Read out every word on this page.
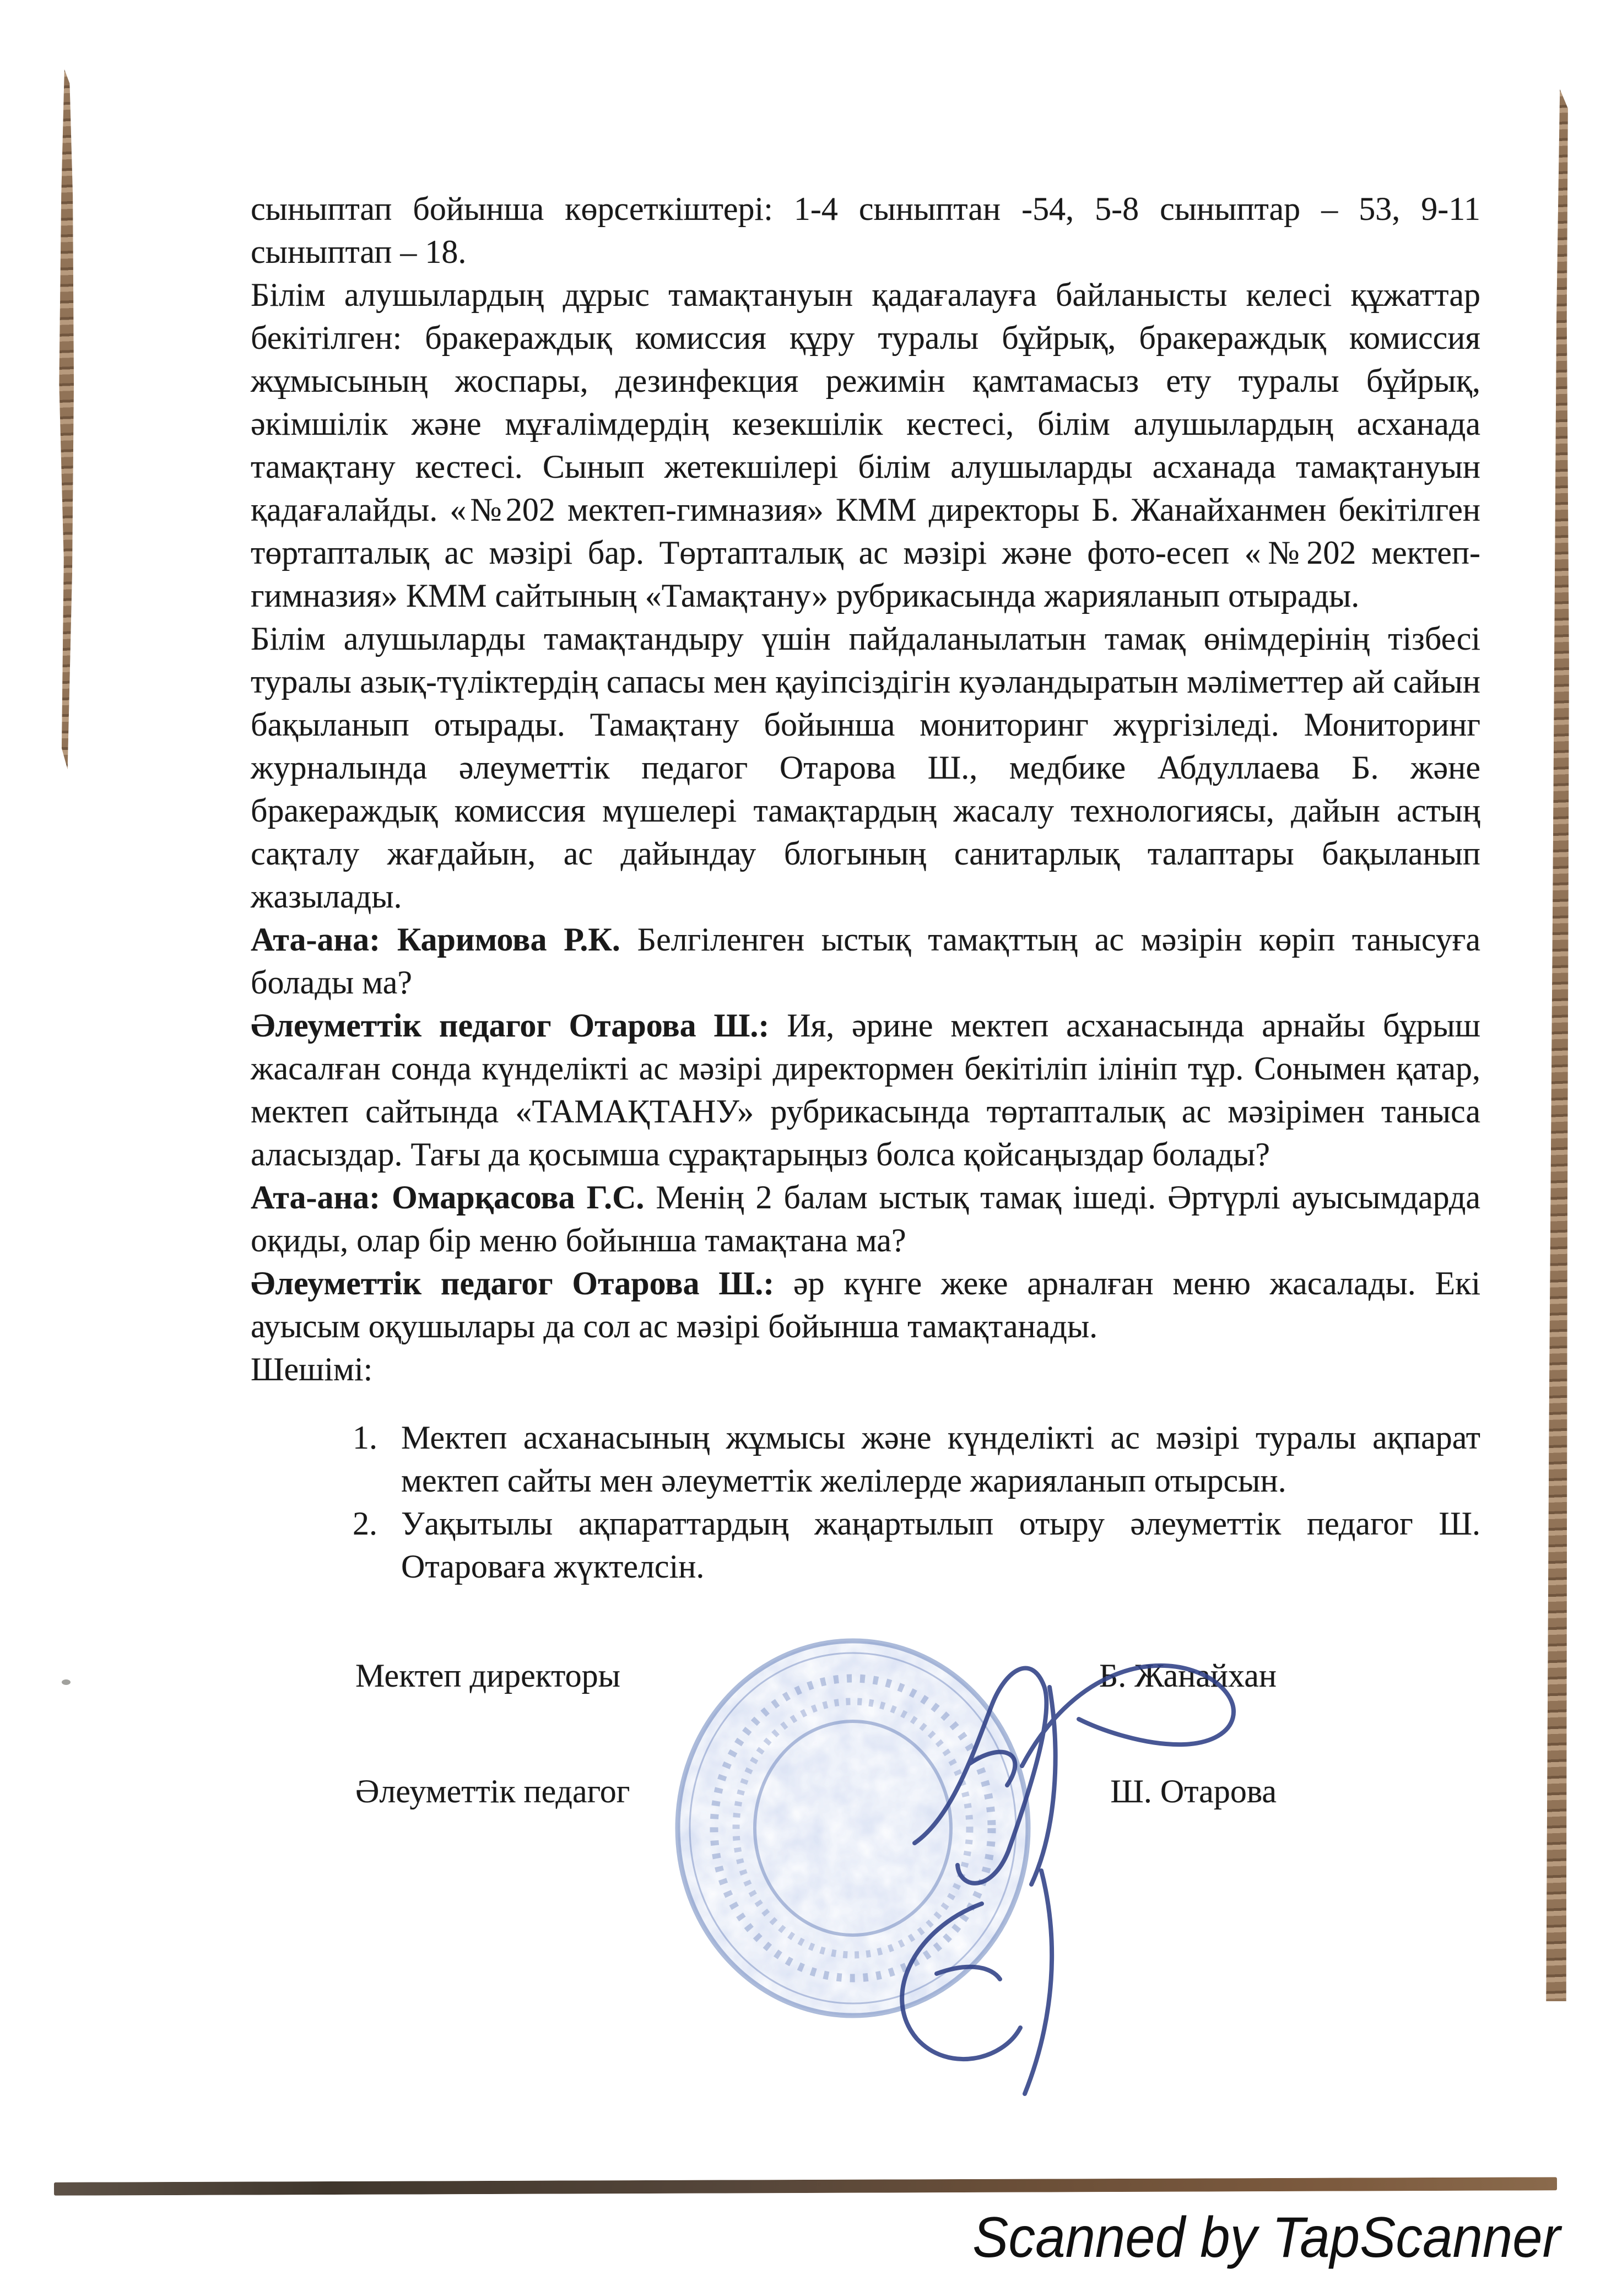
сыныптап бойынша көрсеткіштері: 1-4 сыныптан -54, 5-8 сыныптар – 53, 9-11 сыныптап – 18.

Білім алушылардың дұрыс тамақтануын қадағалауға байланысты келесі құжаттар бекітілген: бракераждық комиссия құру туралы бұйрық, бракераждық комиссия жұмысының жоспары, дезинфекция режимін қамтамасыз ету туралы бұйрық, әкімшілік және мұғалімдердің кезекшілік кестесі, білім алушылардың асханада тамақтану кестесі. Сынып жетекшілері білім алушыларды асханада тамақтануын қадағалайды. «№202 мектеп-гимназия» КММ директоры Б. Жанайханмен бекітілген төртапталық ас мәзірі бар. Төртапталық ас мәзірі және фото-есеп «№202 мектеп-гимназия» КММ сайтының «Тамақтану» рубрикасында жарияланып отырады.

Білім алушыларды тамақтандыру үшін пайдаланылатын тамақ өнімдерінің тізбесі туралы азық-түліктердің сапасы мен қауіпсіздігін куәландыратын мәліметтер ай сайын бақыланып отырады. Тамақтану бойынша мониторинг жүргізіледі. Мониторинг журналында әлеуметтік педагог Отарова Ш., медбике Абдуллаева Б. және бракераждық комиссия мүшелері тамақтардың жасалу технологиясы, дайын астың сақталу жағдайын, ас дайындау блогының санитарлық талаптары бақыланып жазылады.

Ата-ана: Каримова Р.К. Белгіленген ыстық тамақттың ас мәзірін көріп танысуға болады ма?

Әлеуметтік педагог Отарова Ш.: Ия, әрине мектеп асханасында арнайы бұрыш жасалған сонда күнделікті ас мәзірі директормен бекітіліп ілініп тұр. Сонымен қатар, мектеп сайтында «ТАМАҚТАНУ» рубрикасында төртапталық ас мәзірімен таныса аласыздар. Тағы да қосымша сұрақтарыңыз болса қойсаңыздар болады?

Ата-ана: Омарқасова Г.С. Менің 2 балам ыстық тамақ ішеді. Әртүрлі ауысымдарда оқиды, олар бір меню бойынша тамақтана ма?

Әлеуметтік педагог Отарова Ш.: әр күнге жеке арналған меню жасалады. Екі ауысым оқушылары да сол ас мәзірі бойынша тамақтанады.

Шешімі:

Мектеп асханасының жұмысы және күнделікті ас мәзірі туралы ақпарат мектеп сайты мен әлеуметтік желілерде жарияланып отырсын.
Уақытылы ақпараттардың жаңартылып отыру әлеуметтік педагог Ш. Отароваға жүктелсін.
Мектеп директоры	Б. Жанайхан
Әлеуметтік педагог	Ш. Отарова
Scanned by TapScanner
